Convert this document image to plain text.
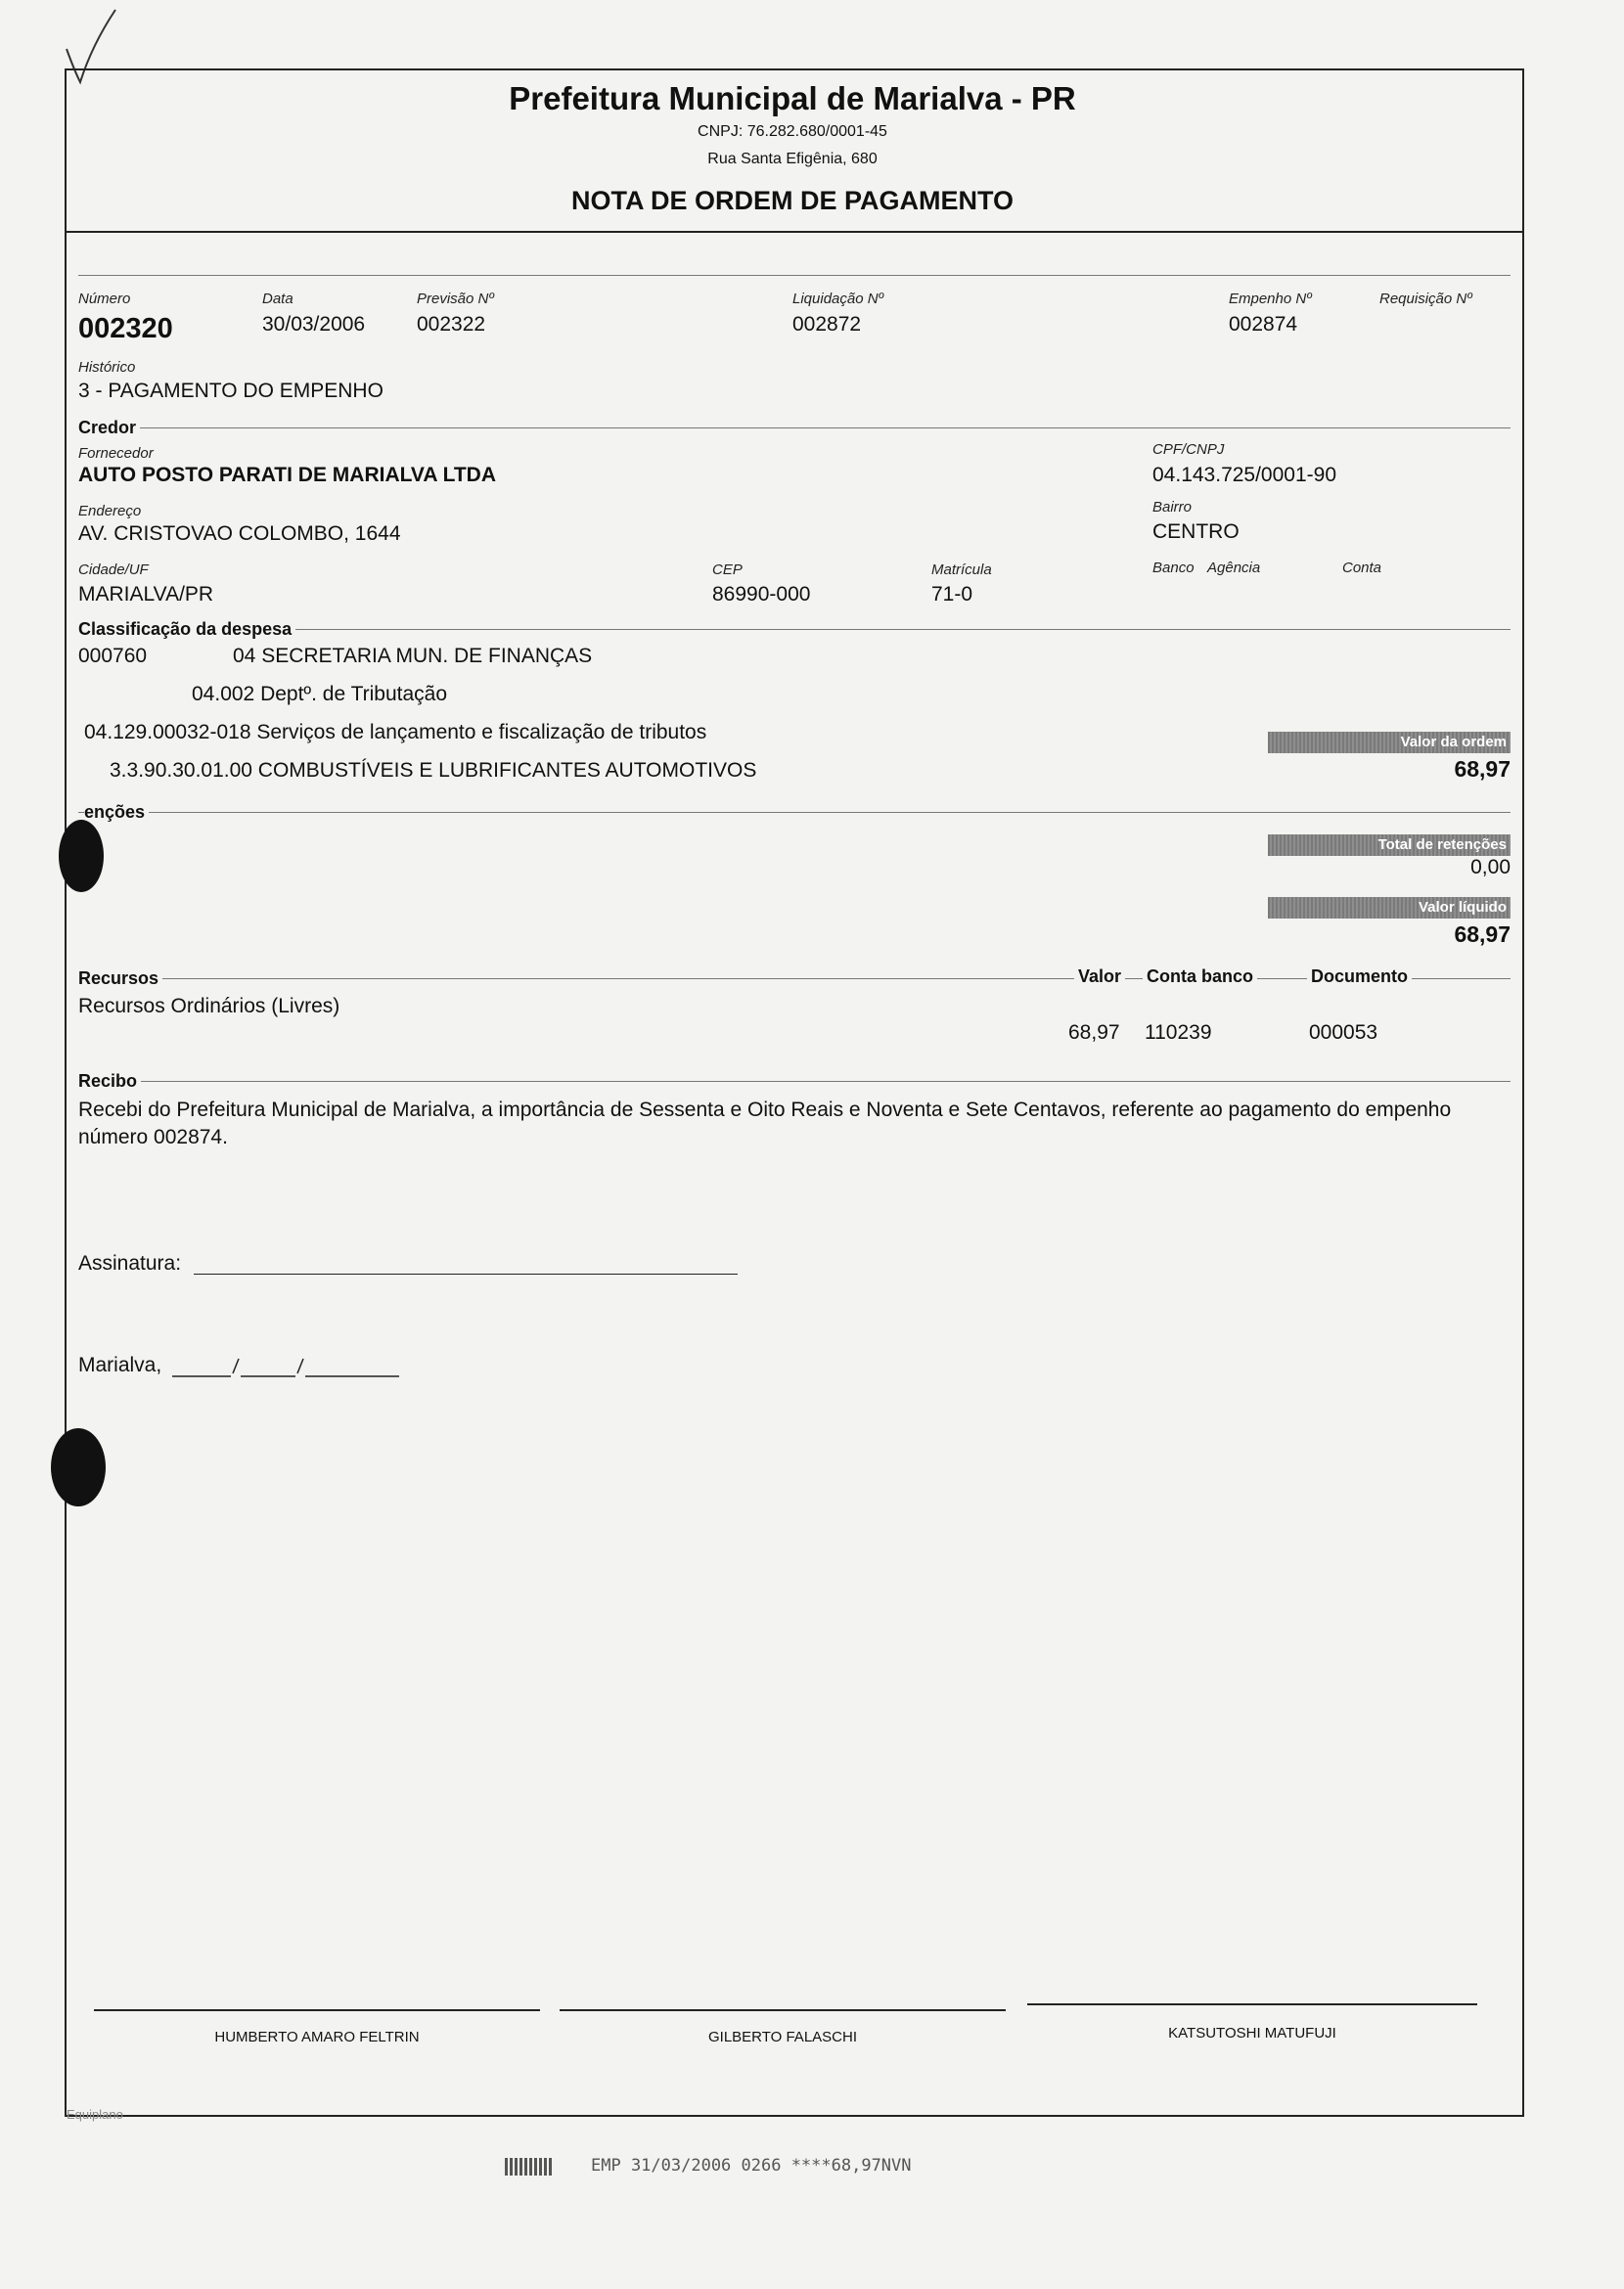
Prefeitura Municipal de Marialva - PR
CNPJ: 76.282.680/0001-45
Rua Santa Efigênia, 680
NOTA DE ORDEM DE PAGAMENTO
Número
002320
Data
30/03/2006
Previsão Nº
002322
Liquidação Nº
002872
Empenho Nº
002874
Requisição Nº
Histórico
3 - PAGAMENTO DO EMPENHO
Credor
Fornecedor
AUTO POSTO PARATI DE MARIALVA LTDA
CPF/CNPJ
04.143.725/0001-90
Endereço
AV. CRISTOVAO COLOMBO, 1644
Bairro
CENTRO
Cidade/UF
MARIALVA/PR
CEP
86990-000
Matrícula
71-0
Banco Agência	Conta
Classificação da despesa
000760	04 SECRETARIA MUN. DE FINANÇAS
04.002 Deptº. de Tributação
04.129.00032-018 Serviços de lançamento e fiscalização de tributos
3.3.90.30.01.00 COMBUSTÍVEIS E LUBRIFICANTES AUTOMOTIVOS
Valor da ordem
68,97
enções
Total de retenções
0,00
Valor líquido
68,97
Recursos	Valor Conta banco	Documento
Recursos Ordinários (Livres)
68,97 110239	000053
Recibo
Recebi do Prefeitura Municipal de Marialva, a importância de Sessenta e Oito Reais e Noventa e Sete Centavos, referente ao pagamento do empenho número 002874.
Assinatura:
Marialva,
HUMBERTO AMARO FELTRIN	GILBERTO FALASCHI	KATSUTOSHI MATUFUJI
Equiplano
EMP 31/03/2006 0266 ****68,97NVN
